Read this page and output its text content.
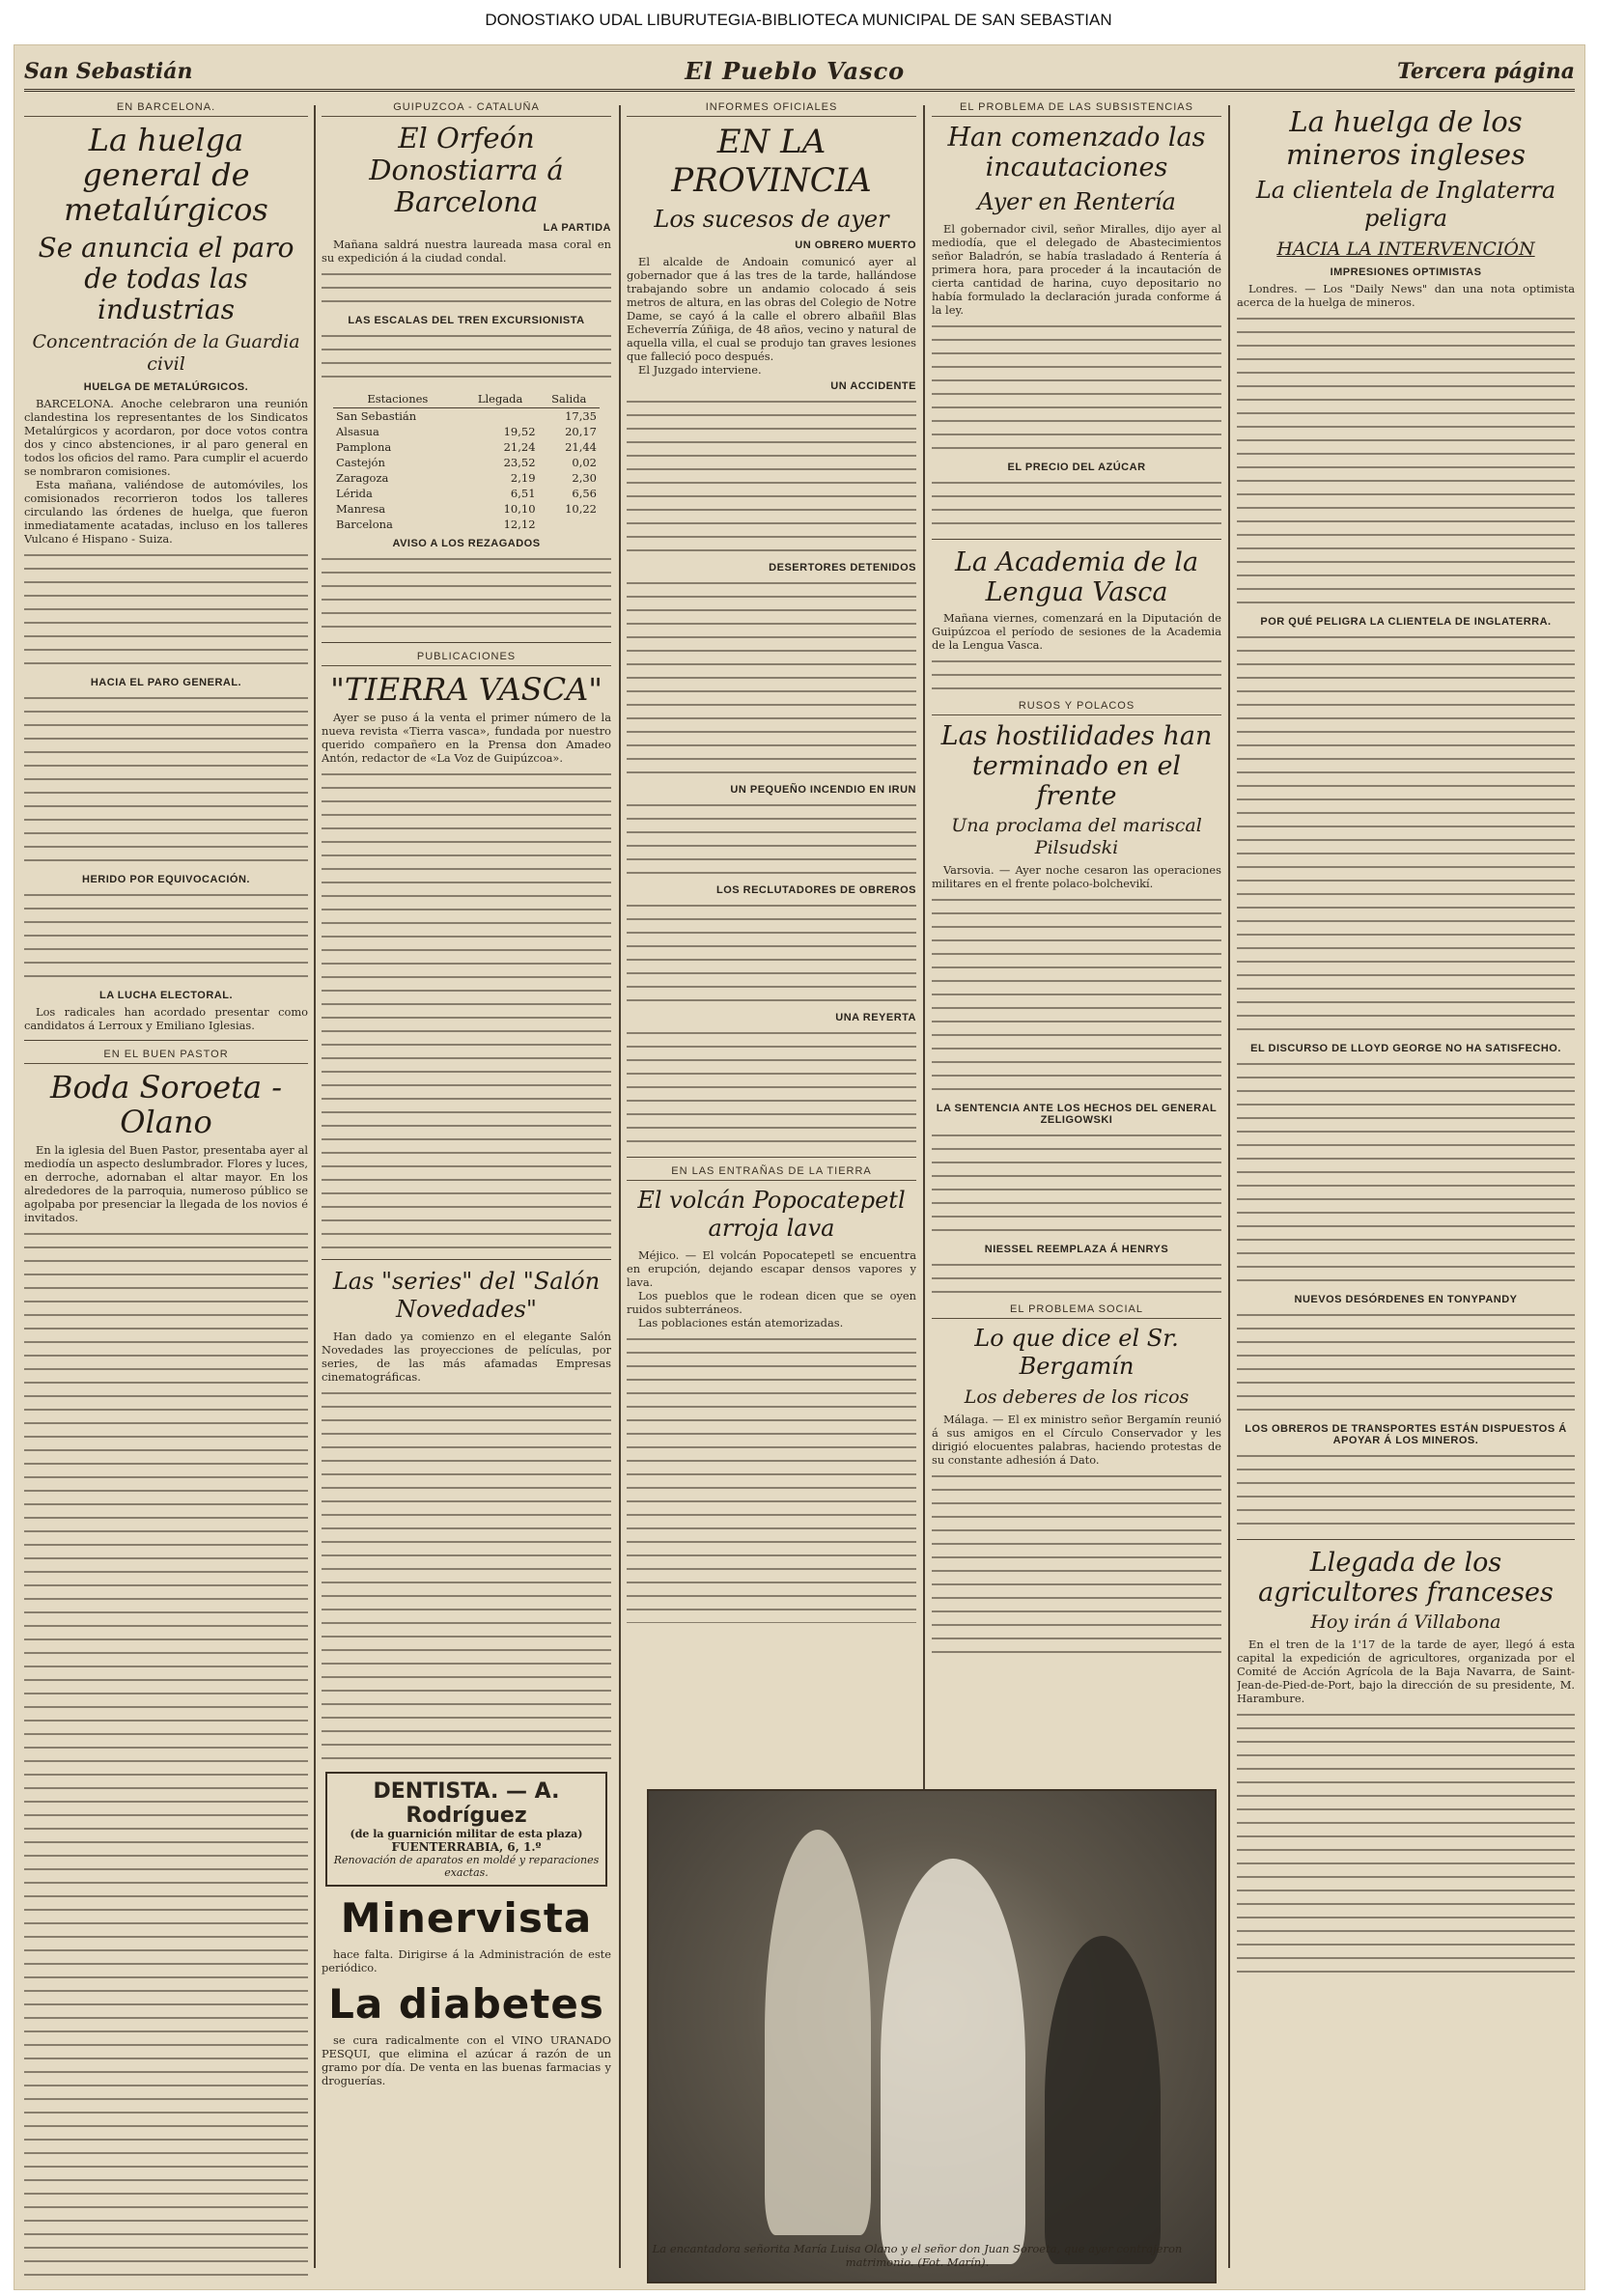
DONOSTIAKO UDAL LIBURUTEGIA-BIBLIOTECA MUNICIPAL DE SAN SEBASTIAN
San Sebastián	El Pueblo Vasco	Tercera página
EN BARCELONA.
La huelga general de metalúrgicos
Se anuncia el paro de todas las industrias
Concentración de la Guardia civil
HUELGA DE METALÚRGICOS.

BARCELONA. Anoche celebraron una reunión clandestina los representantes de los Sindicatos Metalúrgicos y acordaron, por doce votos contra dos y cinco abstenciones, ir al paro general en todos los oficios del ramo. Para cumplir el acuerdo se nombraron comisiones.

Esta mañana, valiéndose de automóviles, los comisionados recorrieron todos los talleres circulando las órdenes de huelga, que fueron inmediatamente acatadas, incluso en los talleres Vulcano é Hispano - Suiza.

HACIA EL PARO GENERAL.
HERIDO POR EQUIVOCACIÓN.
LA LUCHA ELECTORAL.

Los radicales han acordado presentar como candidatos á Lerroux y Emiliano Iglesias.

EN EL BUEN PASTOR
Boda Soroeta - Olano

En la iglesia del Buen Pastor, presentaba ayer al mediodía un aspecto deslumbrador. Flores y luces, en derroche, adornaban el altar mayor. En los alrededores de la parroquia, numeroso público se agolpaba por presenciar la llegada de los novios é invitados.

GUIPUZCOA - CATALUÑA
El Orfeón Donostiarra á Barcelona
LA PARTIDA

Mañana saldrá nuestra laureada masa coral en su expedición á la ciudad condal.

LAS ESCALAS DEL TREN EXCURSIONISTA
Estaciones	Llegada	Salida
San Sebastián		17,35
Alsasua	19,52	20,17
Pamplona	21,24	21,44
Castejón	23,52	0,02
Zaragoza	2,19	2,30
Lérida	6,51	6,56
Manresa	10,10	10,22
Barcelona	12,12	
AVISO A LOS REZAGADOS
PUBLICACIONES
"TIERRA VASCA"

Ayer se puso á la venta el primer número de la nueva revista «Tierra vasca», fundada por nuestro querido compañero en la Prensa don Amadeo Antón, redactor de «La Voz de Guipúzcoa».

Las "series" del "Salón Novedades"

Han dado ya comienzo en el elegante Salón Novedades las proyecciones de películas, por series, de las más afamadas Empresas cinematográficas.

DENTISTA. — A. Rodríguez
(de la guarnición militar de esta plaza)
FUENTERRABIA, 6, 1.º
Renovación de aparatos en moldé y reparaciones exactas.
Minervista

hace falta. Dirigirse á la Administración de este periódico.

La diabetes

se cura radicalmente con el VINO URANADO PESQUI, que elimina el azúcar á razón de un gramo por día. De venta en las buenas farmacias y droguerías.

INFORMES OFICIALES
EN LA PROVINCIA
Los sucesos de ayer
UN OBRERO MUERTO

El alcalde de Andoain comunicó ayer al gobernador que á las tres de la tarde, hallándose trabajando sobre un andamio colocado á seis metros de altura, en las obras del Colegio de Notre Dame, se cayó á la calle el obrero albañil Blas Echeverría Zúñiga, de 48 años, vecino y natural de aquella villa, el cual se produjo tan graves lesiones que falleció poco después.

El Juzgado interviene.

UN ACCIDENTE
DESERTORES DETENIDOS
UN PEQUEÑO INCENDIO EN IRUN
LOS RECLUTADORES DE OBREROS
UNA REYERTA
EN LAS ENTRAÑAS DE LA TIERRA
El volcán Popocatepetl arroja lava

Méjico. — El volcán Popocatepetl se encuentra en erupción, dejando escapar densos vapores y lava.

Los pueblos que le rodean dicen que se oyen ruidos subterráneos.

Las poblaciones están atemorizadas.

EL PROBLEMA DE LAS SUBSISTENCIAS
Han comenzado las incautaciones
Ayer en Rentería

El gobernador civil, señor Miralles, dijo ayer al mediodía, que el delegado de Abastecimientos señor Baladrón, se había trasladado á Rentería á primera hora, para proceder á la incautación de cierta cantidad de harina, cuyo depositario no había formulado la declaración jurada conforme á la ley.

EL PRECIO DEL AZÚCAR
La Academia de la Lengua Vasca

Mañana viernes, comenzará en la Diputación de Guipúzcoa el período de sesiones de la Academia de la Lengua Vasca.

RUSOS Y POLACOS
Las hostilidades han terminado en el frente
Una proclama del mariscal Pilsudski

Varsovia. — Ayer noche cesaron las operaciones militares en el frente polaco-bolchevikí.

LA SENTENCIA ANTE LOS HECHOS DEL GENERAL ZELIGOWSKI
NIESSEL REEMPLAZA Á HENRYS
EL PROBLEMA SOCIAL
Lo que dice el Sr. Bergamín
Los deberes de los ricos

Málaga. — El ex ministro señor Bergamín reunió á sus amigos en el Círculo Conservador y les dirigió elocuentes palabras, haciendo protestas de su constante adhesión á Dato.

La huelga de los mineros ingleses
La clientela de Inglaterra peligra
HACIA LA INTERVENCIÓN
IMPRESIONES OPTIMISTAS

Londres. — Los "Daily News" dan una nota optimista acerca de la huelga de mineros.

POR QUÉ PELIGRA LA CLIENTELA DE INGLATERRA.
EL DISCURSO DE LLOYD GEORGE NO HA SATISFECHO.
NUEVOS DESÓRDENES EN TONYPANDY
LOS OBREROS DE TRANSPORTES ESTÁN DISPUESTOS Á APOYAR Á LOS MINEROS.
Llegada de los agricultores franceses
Hoy irán á Villabona

En el tren de la 1'17 de la tarde de ayer, llegó á esta capital la expedición de agricultores, organizada por el Comité de Acción Agrícola de la Baja Navarra, de Saint-Jean-de-Pied-de-Port, bajo la dirección de su presidente, M. Harambure.

La encantadora señorita María Luisa Olano y el señor don Juan Soroeta, que ayer contrajeron matrimonio. (Fot. Marín).
